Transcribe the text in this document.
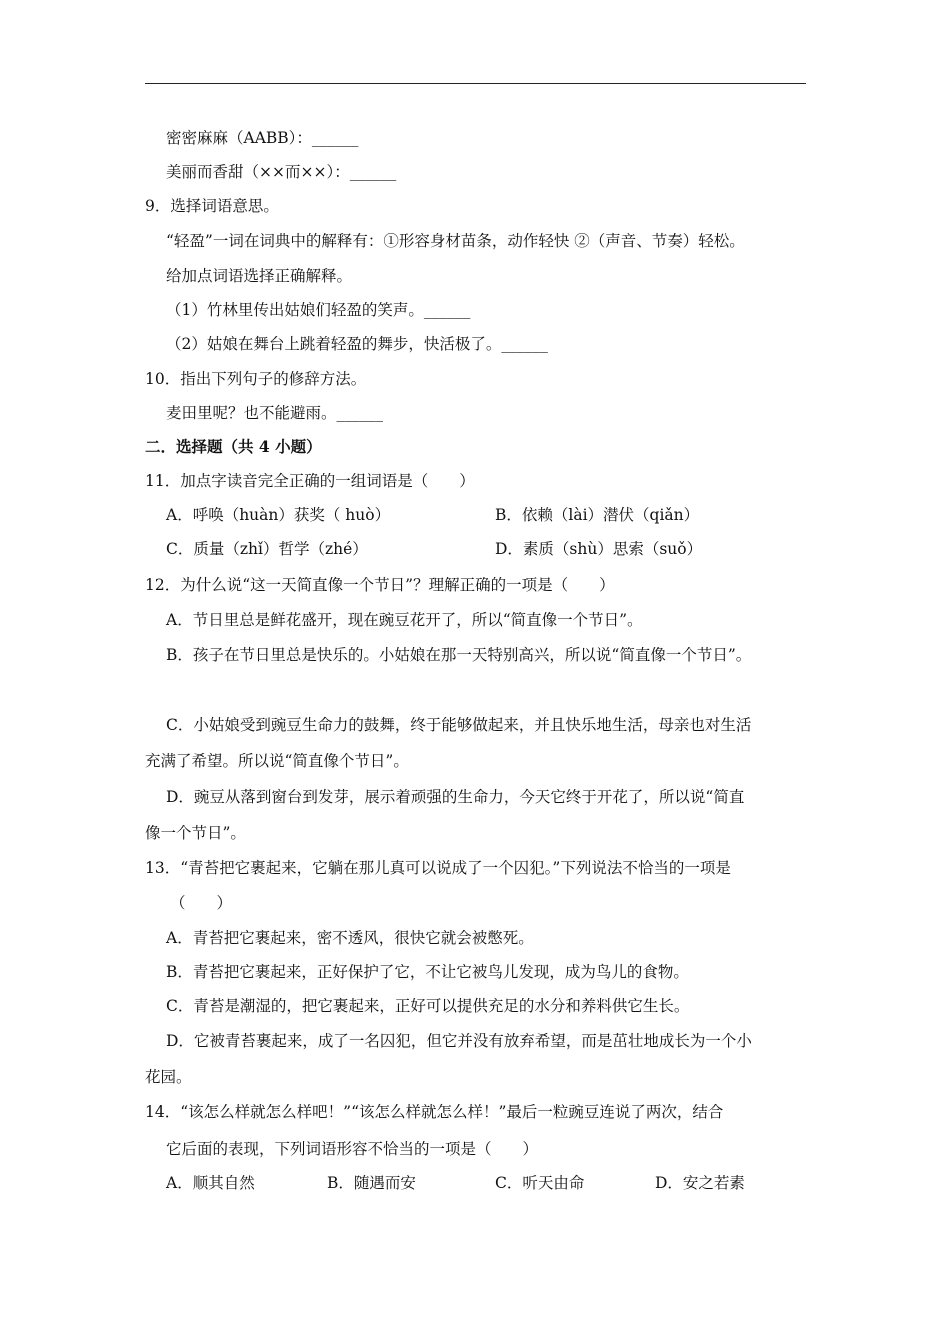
密密麻麻（AABB）：______
美丽而香甜（××而××）：______
9．选择词语意思。
“轻盈”一词在词典中的解释有：①形容身材苗条，动作轻快 ②（声音、节奏）轻松。
给加点词语选择正确解释。
（1）竹林里传出姑娘们轻盈的笑声。______
（2）姑娘在舞台上跳着轻盈的舞步，快活极了。______
10．指出下列句子的修辞方法。
麦田里呢？也不能避雨。______
二．选择题（共 4 小题）
11．加点字读音完全正确的一组词语是（　　）
A．呼唤（huàn）获奖（ huò）	B．依赖（lài）潜伏（qiǎn）
C．质量（zhǐ）哲学（zhé）	D．素质（shù）思索（suǒ）
12．为什么说“这一天简直像一个节日”？理解正确的一项是（　　）
A．节日里总是鲜花盛开，现在豌豆花开了，所以“简直像一个节日”。
B．孩子在节日里总是快乐的。小姑娘在那一天特别高兴，所以说“简直像一个节日”。
C．小姑娘受到豌豆生命力的鼓舞，终于能够做起来，并且快乐地生活，母亲也对生活
充满了希望。所以说“简直像个节日”。
D．豌豆从落到窗台到发芽，展示着顽强的生命力，今天它终于开花了，所以说“简直
像一个节日”。
13．“青苔把它裹起来，它躺在那儿真可以说成了一个囚犯。”下列说法不恰当的一项是
（　　）
A．青苔把它裹起来，密不透风，很快它就会被憋死。
B．青苔把它裹起来，正好保护了它，不让它被鸟儿发现，成为鸟儿的食物。
C．青苔是潮湿的，把它裹起来，正好可以提供充足的水分和养料供它生长。
D．它被青苔裹起来，成了一名囚犯，但它并没有放弃希望，而是茁壮地成长为一个小
花园。
14．“该怎么样就怎么样吧！”“该怎么样就怎么样！”最后一粒豌豆连说了两次，结合
它后面的表现，下列词语形容不恰当的一项是（　　）
A．顺其自然	B．随遇而安	C．听天由命	D．安之若素
